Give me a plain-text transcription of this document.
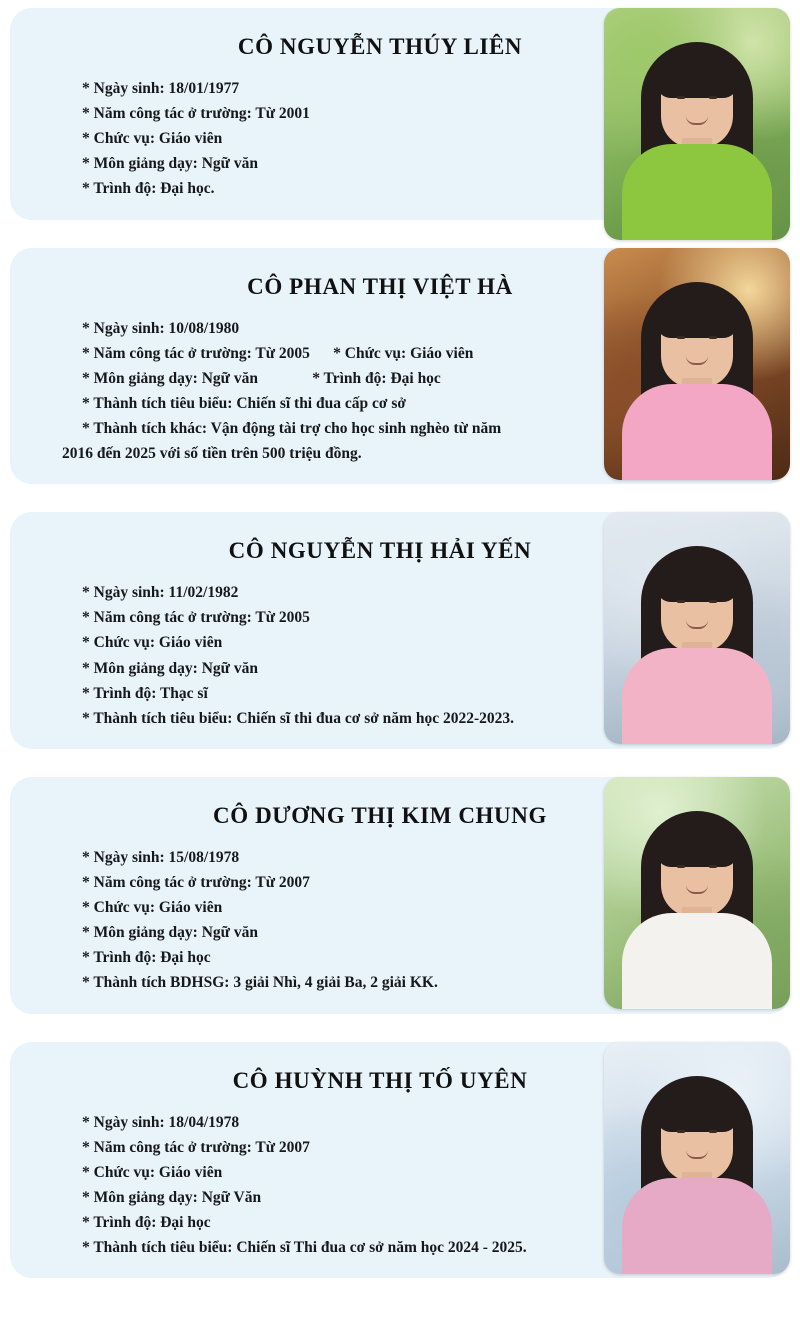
CÔ NGUYỄN THÚY LIÊN
* Ngày sinh: 18/01/1977
* Năm công tác ở trường: Từ 2001
* Chức vụ: Giáo viên
* Môn giảng dạy: Ngữ văn
* Trình độ: Đại học.
CÔ PHAN THỊ VIỆT HÀ
* Ngày sinh: 10/08/1980
* Năm công tác ở trường: Từ 2005      * Chức vụ: Giáo viên
* Môn giảng dạy: Ngữ văn              * Trình độ: Đại học
* Thành tích tiêu biểu: Chiến sĩ thi đua cấp cơ sở
* Thành tích khác: Vận động tài trợ cho học sinh nghèo từ năm
2016 đến 2025 với số tiền trên 500 triệu đồng.
CÔ NGUYỄN THỊ HẢI YẾN
* Ngày sinh: 11/02/1982
* Năm công tác ở trường: Từ 2005
* Chức vụ: Giáo viên
* Môn giảng dạy: Ngữ văn
* Trình độ: Thạc sĩ
* Thành tích tiêu biểu: Chiến sĩ thi đua cơ sở năm học 2022-2023.
CÔ DƯƠNG THỊ KIM CHUNG
* Ngày sinh: 15/08/1978
* Năm công tác ở trường: Từ 2007
* Chức vụ: Giáo viên
* Môn giảng dạy: Ngữ văn
* Trình độ: Đại học
* Thành tích BDHSG: 3 giải Nhì, 4 giải Ba, 2 giải KK.
CÔ HUỲNH THỊ TỐ UYÊN
* Ngày sinh: 18/04/1978
* Năm công tác ở trường: Từ 2007
* Chức vụ: Giáo viên
* Môn giảng dạy: Ngữ Văn
* Trình độ: Đại học
* Thành tích tiêu biểu: Chiến sĩ Thi đua cơ sở năm học 2024 - 2025.
